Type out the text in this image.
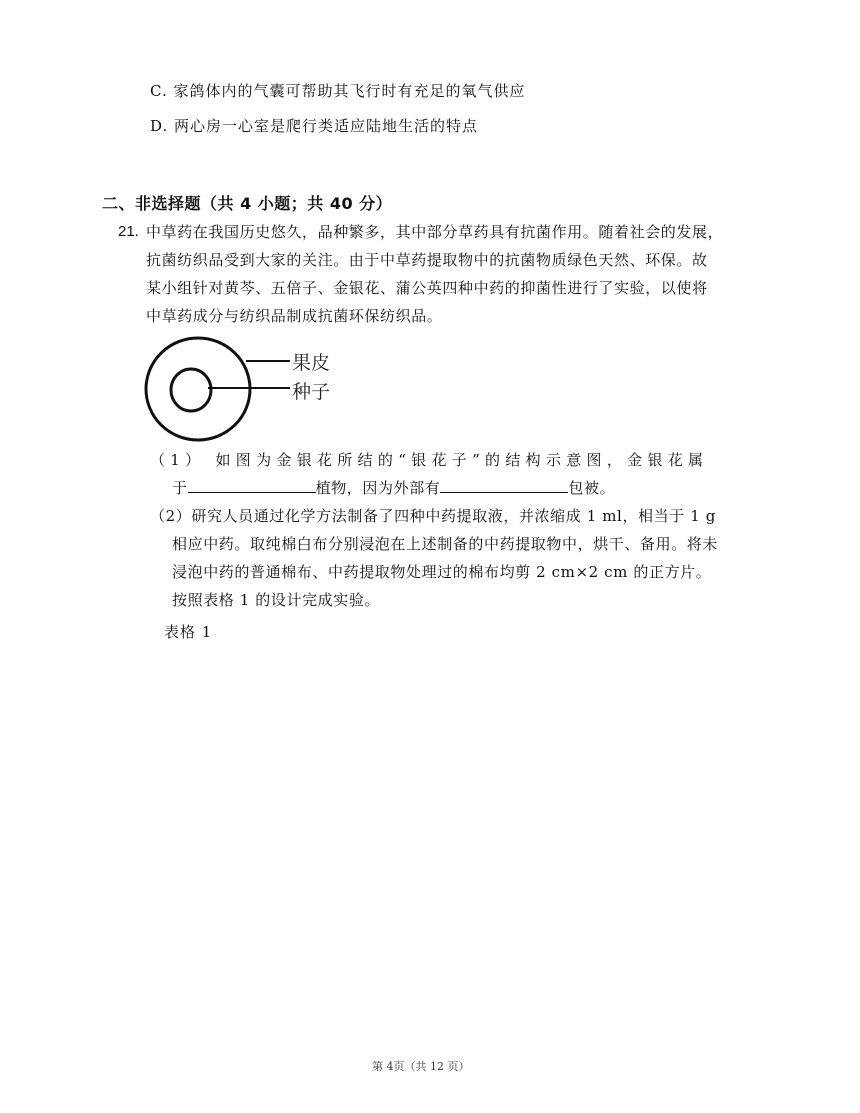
C. 家鸽体内的气囊可帮助其飞行时有充足的氧气供应
D. 两心房一心室是爬行类适应陆地生活的特点
二、非选择题（共 4 小题；共 40 分）
21. 中草药在我国历史悠久，品种繁多，其中部分草药具有抗菌作用。随着社会的发展，
抗菌纺织品受到大家的关注。由于中草药提取物中的抗菌物质绿色天然、环保。故
某小组针对黄芩、五倍子、金银花、蒲公英四种中药的抑菌性进行了实验，以使将
中草药成分与纺织品制成抗菌环保纺织品。
果皮
种子
（1） 如图为金银花所结的“银花子”的结构示意图，金银花属
于	植物，因为外部有	包被。
（2）研究人员通过化学方法制备了四种中药提取液，并浓缩成 1 ml，相当于 1 g
相应中药。取纯棉白布分别浸泡在上述制备的中药提取物中，烘干、备用。将未
浸泡中药的普通棉布、中药提取物处理过的棉布均剪 2 cm×2 cm 的正方片。
按照表格 1 的设计完成实验。
表格 1
第 4页（共 12 页）
